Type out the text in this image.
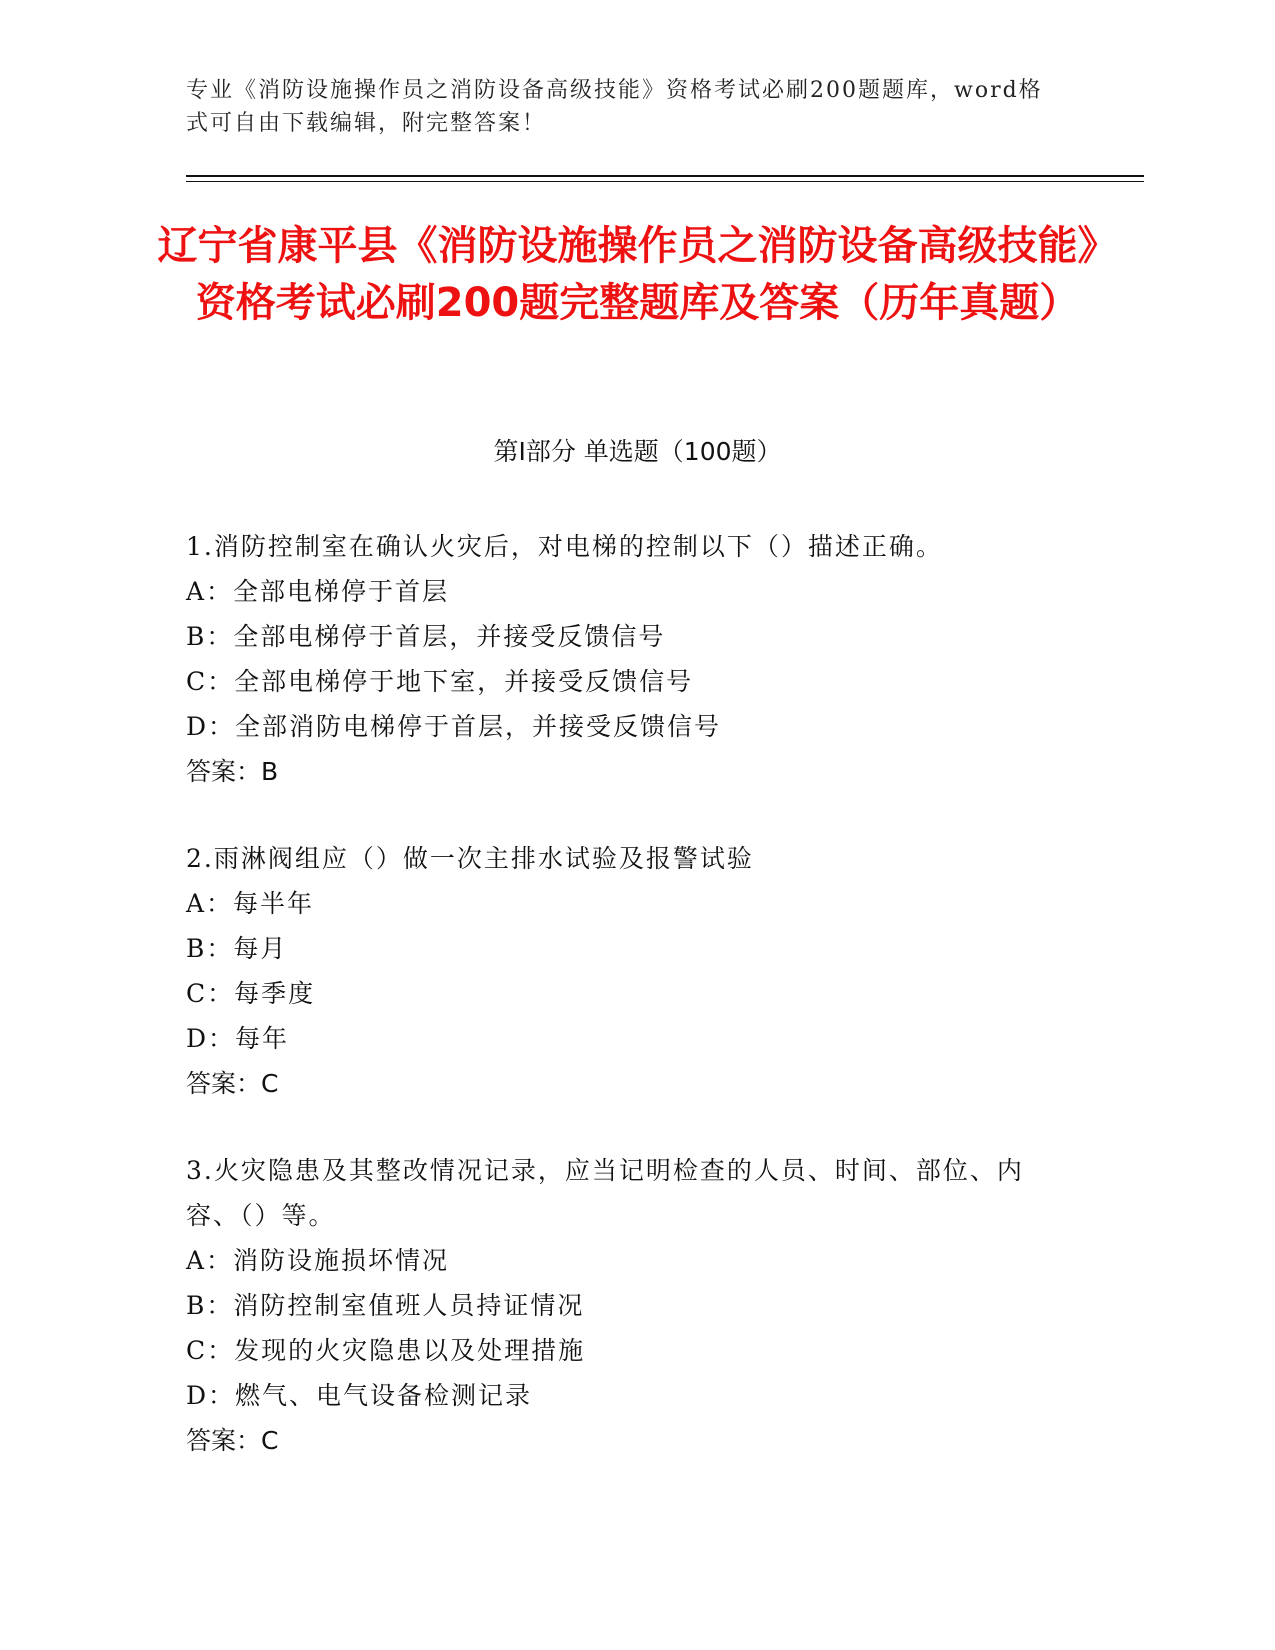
专业《消防设施操作员之消防设备高级技能》资格考试必刷200题题库，word格式可自由下载编辑，附完整答案！
辽宁省康平县《消防设施操作员之消防设备高级技能》资格考试必刷200题完整题库及答案（历年真题）
第Ⅰ部分 单选题（100题）
1.消防控制室在确认火灾后，对电梯的控制以下（）描述正确。
A：全部电梯停于首层
B：全部电梯停于首层，并接受反馈信号
C：全部电梯停于地下室，并接受反馈信号
D：全部消防电梯停于首层，并接受反馈信号
答案：B
2.雨淋阀组应（）做一次主排水试验及报警试验
A：每半年
B：每月
C：每季度
D：每年
答案：C
3.火灾隐患及其整改情况记录，应当记明检查的人员、时间、部位、内容、（）等。
A：消防设施损坏情况
B：消防控制室值班人员持证情况
C：发现的火灾隐患以及处理措施
D：燃气、电气设备检测记录
答案：C
